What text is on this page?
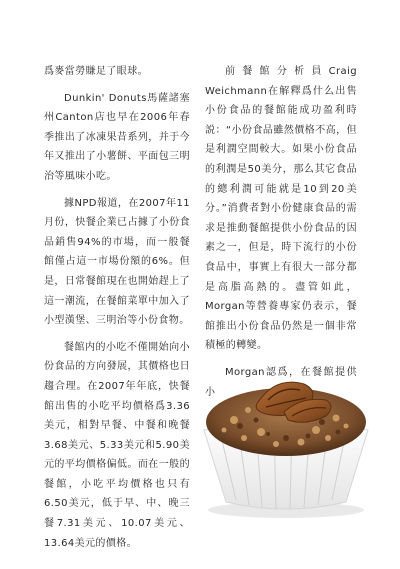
爲麥當勞賺足了眼球。

Dunkin' Donuts馬薩諸塞州Canton店也早在2006年春季推出了冰凍果昔系列，并于今年又推出了小薯餅、平面包三明治等風味小吃。

據NPD報道，在2007年11月份，快餐企業已占據了小份食品銷售94%的市場，而一般餐館僅占這一市場份額的6%。但是，日常餐館現在也開始趕上了這一潮流，在餐館菜單中加入了小型漢堡、三明治等小份食物。

餐館内的小吃不僅開始向小份食品的方向發展，其價格也日趨合理。在2007年年底，快餐館出售的小吃平均價格爲3.36美元，相對早餐、中餐和晚餐3.68美元、5.33美元和5.90美元的平均價格偏低。而在一般的餐館，小吃平均價格也只有6.50美元，低于早、中、晚三餐7.31美元、10.07美元、13.64美元的價格。

前餐館分析員Craig Weichmann在解釋爲什么出售小份食品的餐館能成功盈利時説：“小份食品雖然價格不高，但是利潤空間較大。如果小份食品的利潤是50美分，那么其它食品的總利潤可能就是10到20美分。”消費者對小份健康食品的需求是推動餐館提供小份食品的因素之一，但是，時下流行的小份食品中，事實上有很大一部分都是高脂高熱的。盡管如此，Morgan等營養專家仍表示，餐館推出小份食品仍然是一個非常積極的轉變。

Morgan認爲，在餐館提供小
